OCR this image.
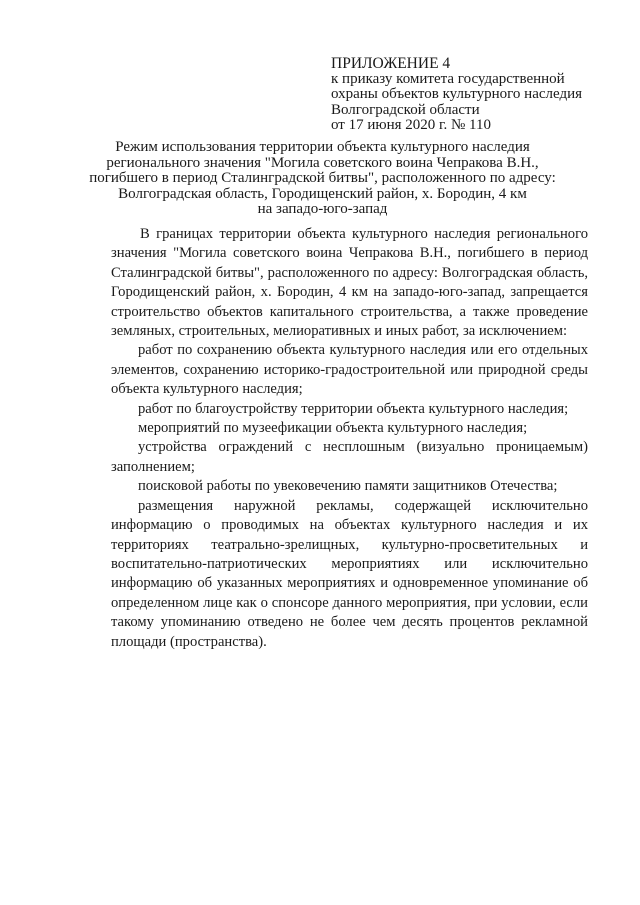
ПРИЛОЖЕНИЕ 4
к приказу комитета государственной
охраны объектов культурного наследия
Волгоградской области
от 17 июня 2020 г. № 110
Режим использования территории объекта культурного наследия
регионального значения "Могила советского воина Чепракова В.Н.,
погибшего в период Сталинградской битвы", расположенного по адресу:
Волгоградская область, Городищенский район, х. Бородин, 4 км
на западо-юго-запад

В границах территории объекта культурного наследия регионального значения "Могила советского воина Чепракова В.Н., погибшего в период Сталинградской битвы", расположенного по адресу: Волгоградская область, Городищенский район, х. Бородин, 4 км на западо-юго-запад, запрещается строительство объектов капитального строительства, а также проведение земляных, строительных, мелиоративных и иных работ, за исключением:

работ по сохранению объекта культурного наследия или его отдельных элементов, сохранению историко-градостроительной или природной среды объекта культурного наследия;

работ по благоустройству территории объекта культурного наследия;

мероприятий по музеефикации объекта культурного наследия;

устройства ограждений с несплошным (визуально проницаемым) заполнением;

поисковой работы по увековечению памяти защитников Отечества;

размещения наружной рекламы, содержащей исключительно информацию о проводимых на объектах культурного наследия и их территориях театрально-зрелищных, культурно-просветительных и воспитательно-патриотических мероприятиях или исключительно информацию об указанных мероприятиях и одновременное упоминание об определенном лице как о спонсоре данного мероприятия, при условии, если такому упоминанию отведено не более чем десять процентов рекламной площади (пространства).
